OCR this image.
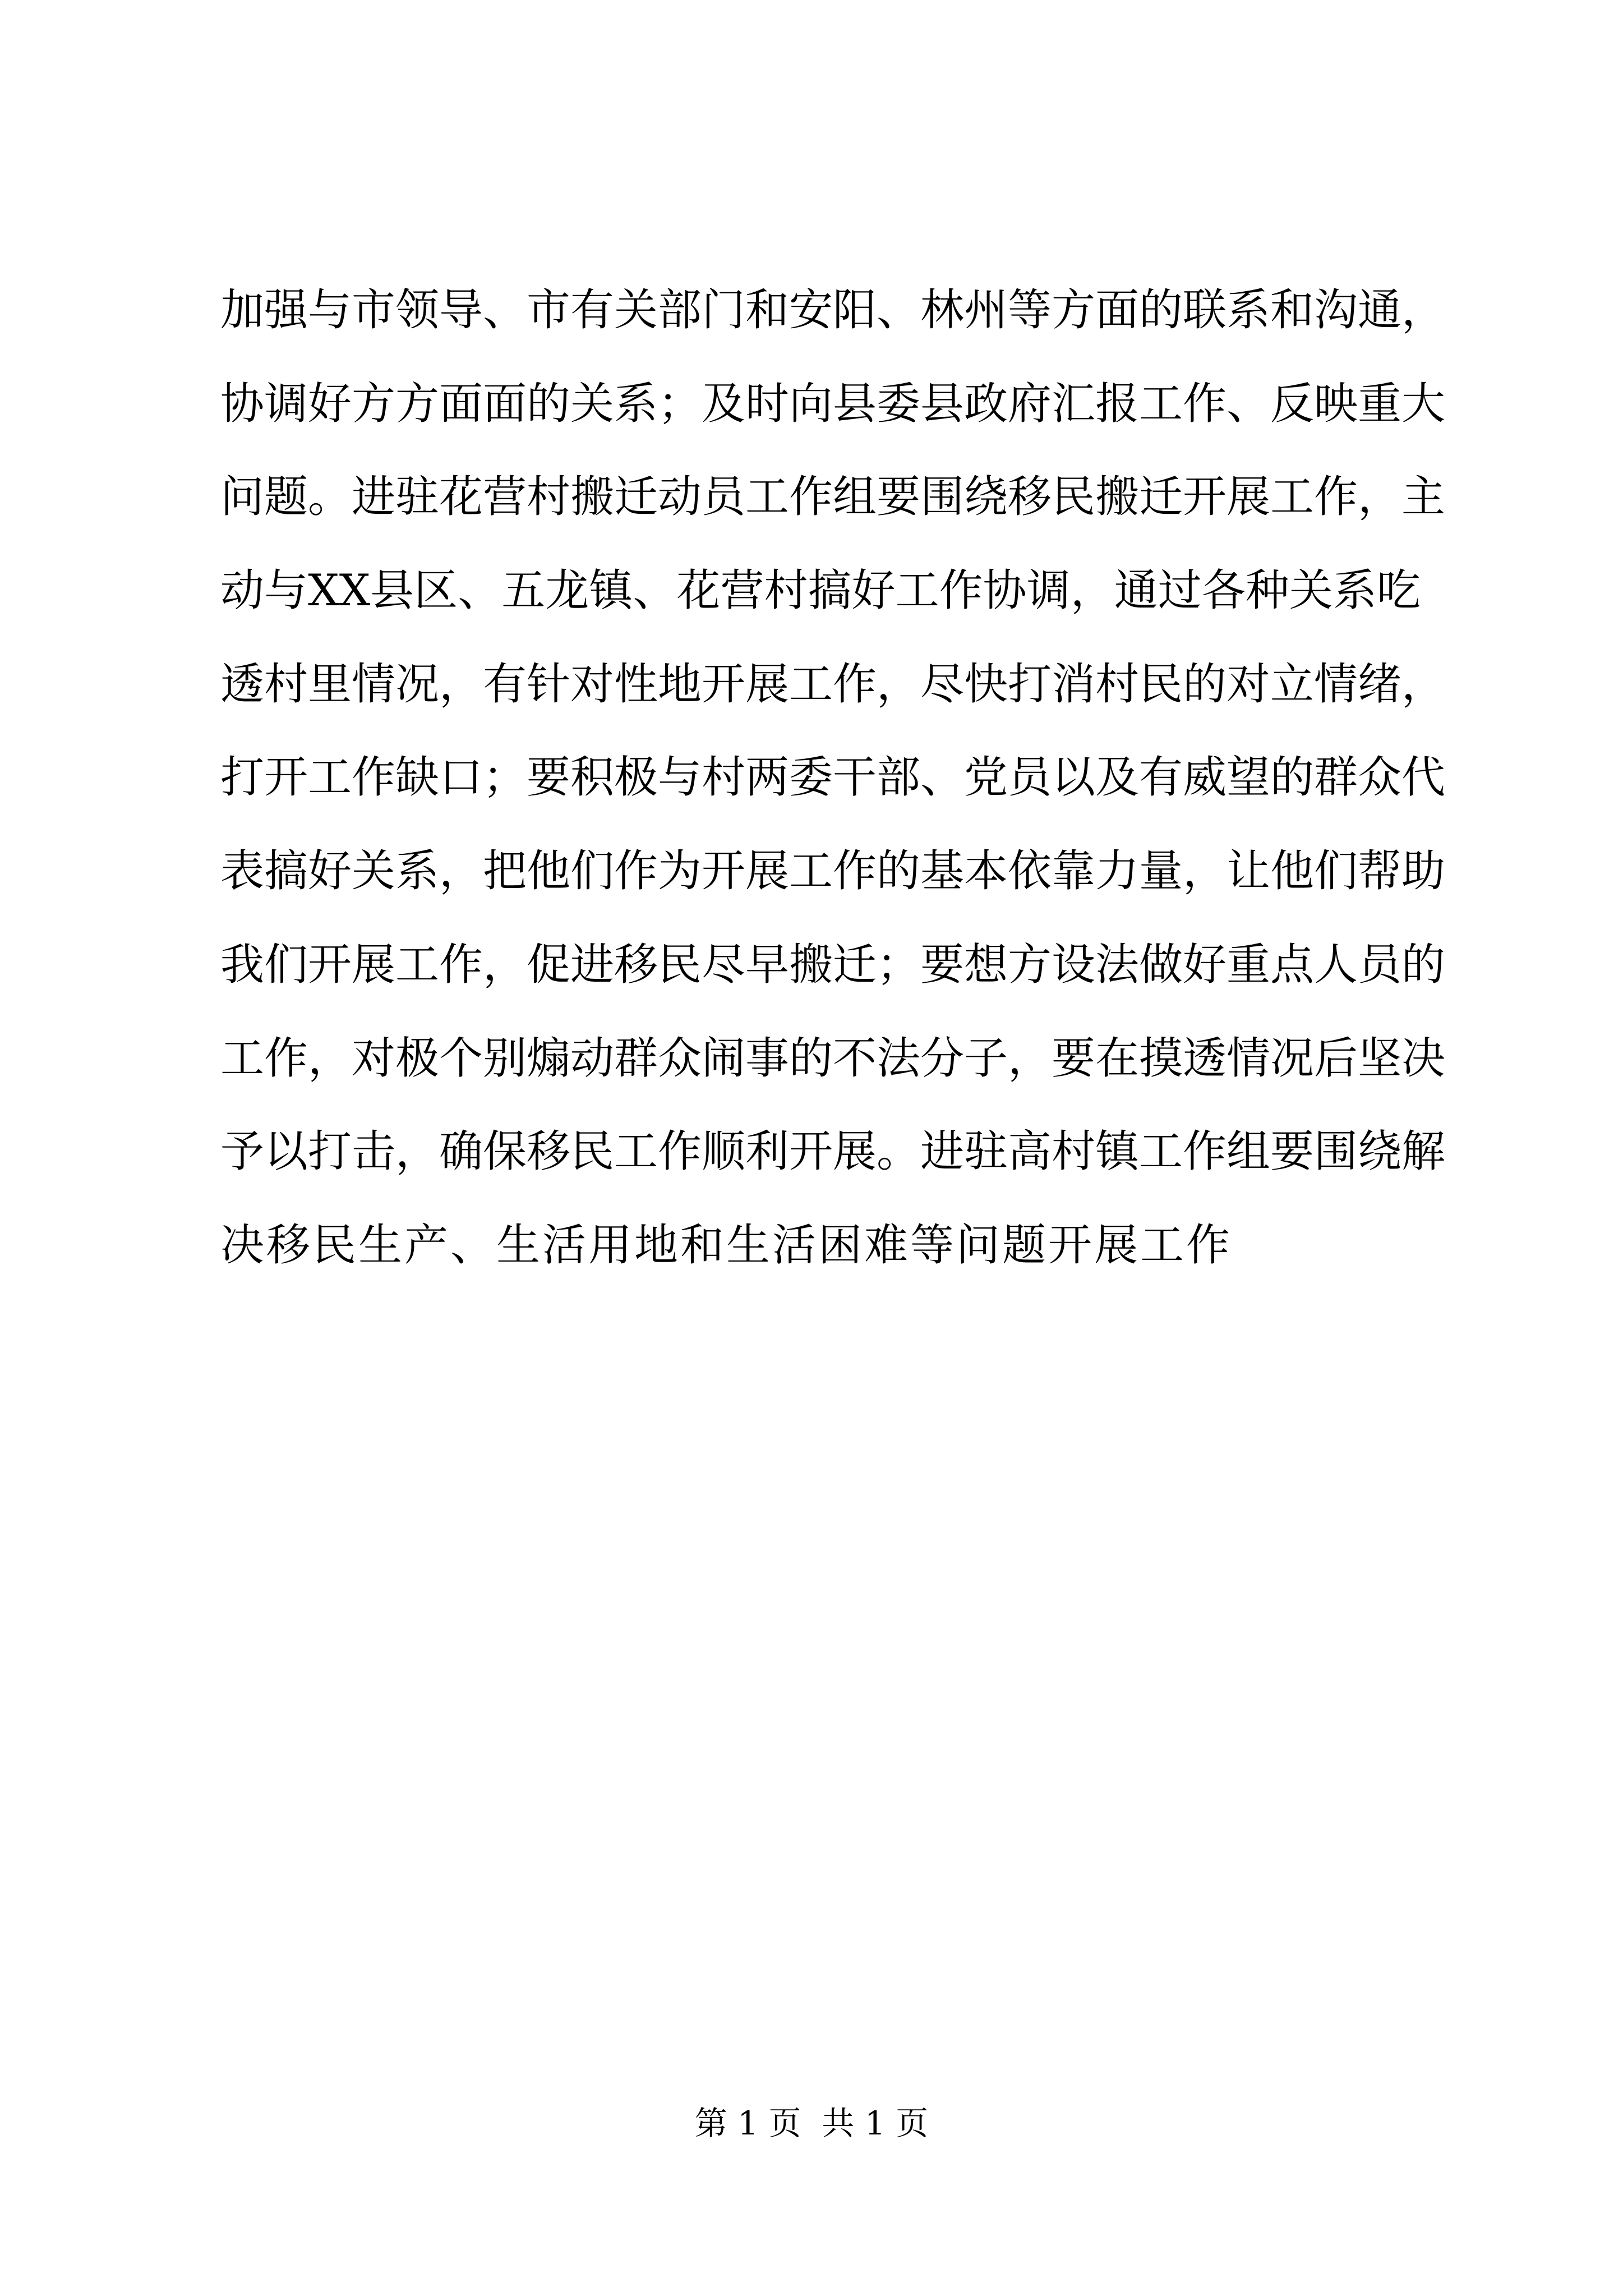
加强与市领导、市有关部门和安阳、林州等方面的联系和沟通，
协调好方方面面的关系；及时向县委县政府汇报工作、反映重大
问题。进驻花营村搬迁动员工作组要围绕移民搬迁开展工作，主
动与XX县区、五龙镇、花营村搞好工作协调，通过各种关系吃
透村里情况，有针对性地开展工作，尽快打消村民的对立情绪，
打开工作缺口；要积极与村两委干部、党员以及有威望的群众代
表搞好关系，把他们作为开展工作的基本依靠力量，让他们帮助
我们开展工作，促进移民尽早搬迁；要想方设法做好重点人员的
工作，对极个别煽动群众闹事的不法分子，要在摸透情况后坚决
予以打击，确保移民工作顺利开展。进驻高村镇工作组要围绕解
决移民生产、生活用地和生活困难等问题开展工作
第 1 页  共 1 页
